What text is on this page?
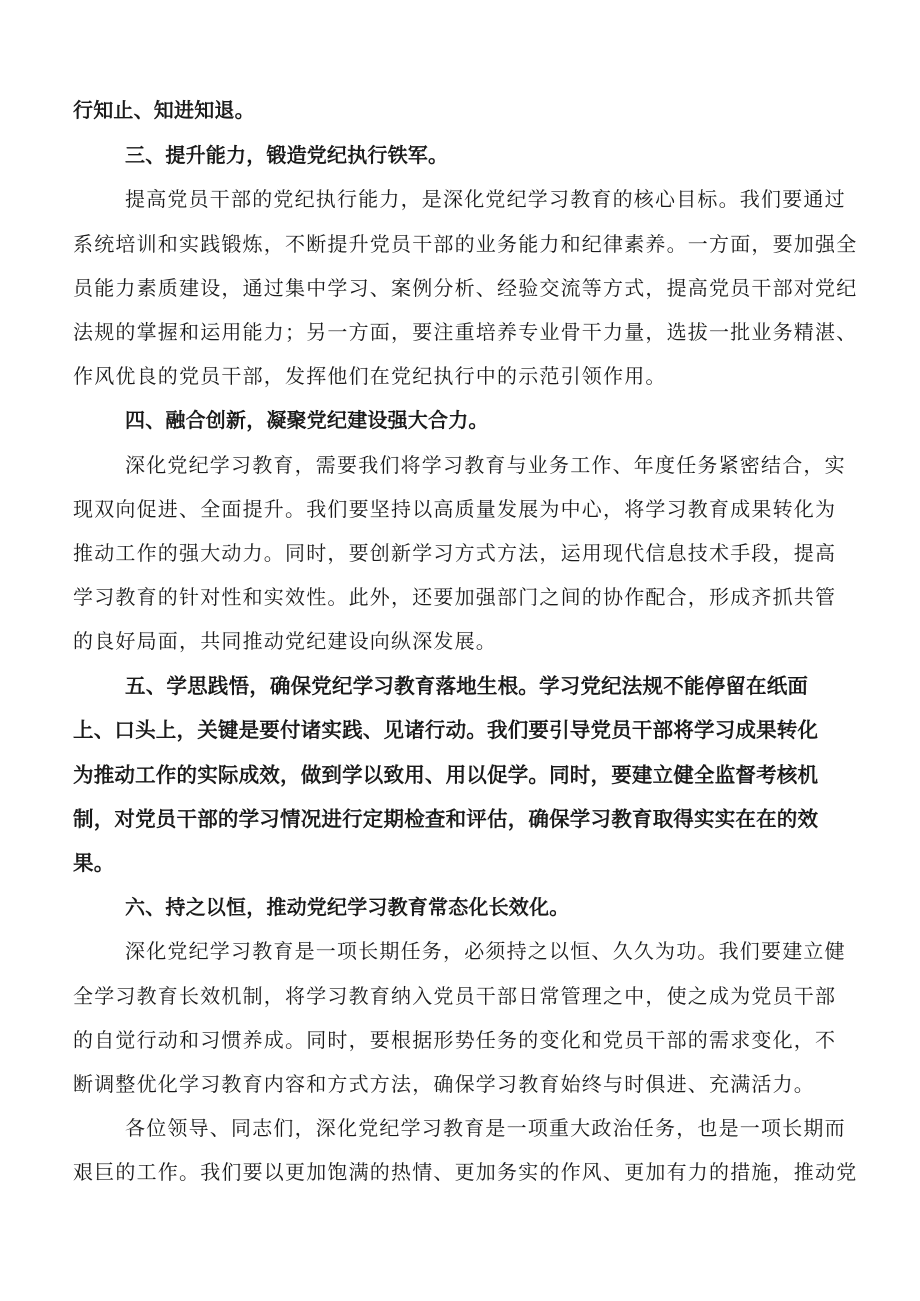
行知止、知进知退。
三、提升能力，锻造党纪执行铁军。
提高党员干部的党纪执行能力，是深化党纪学习教育的核心目标。我们要通过
系统培训和实践锻炼，不断提升党员干部的业务能力和纪律素养。一方面，要加强全
员能力素质建设，通过集中学习、案例分析、经验交流等方式，提高党员干部对党纪
法规的掌握和运用能力；另一方面，要注重培养专业骨干力量，选拔一批业务精湛、
作风优良的党员干部，发挥他们在党纪执行中的示范引领作用。
四、融合创新，凝聚党纪建设强大合力。
深化党纪学习教育，需要我们将学习教育与业务工作、年度任务紧密结合，实
现双向促进、全面提升。我们要坚持以高质量发展为中心，将学习教育成果转化为
推动工作的强大动力。同时，要创新学习方式方法，运用现代信息技术手段，提高
学习教育的针对性和实效性。此外，还要加强部门之间的协作配合，形成齐抓共管
的良好局面，共同推动党纪建设向纵深发展。
五、学思践悟，确保党纪学习教育落地生根。学习党纪法规不能停留在纸面
上、口头上，关键是要付诸实践、见诸行动。我们要引导党员干部将学习成果转化
为推动工作的实际成效，做到学以致用、用以促学。同时，要建立健全监督考核机
制，对党员干部的学习情况进行定期检查和评估，确保学习教育取得实实在在的效
果。
六、持之以恒，推动党纪学习教育常态化长效化。
深化党纪学习教育是一项长期任务，必须持之以恒、久久为功。我们要建立健
全学习教育长效机制，将学习教育纳入党员干部日常管理之中，使之成为党员干部
的自觉行动和习惯养成。同时，要根据形势任务的变化和党员干部的需求变化，不
断调整优化学习教育内容和方式方法，确保学习教育始终与时俱进、充满活力。
各位领导、同志们，深化党纪学习教育是一项重大政治任务，也是一项长期而
艰巨的工作。我们要以更加饱满的热情、更加务实的作风、更加有力的措施，推动党
